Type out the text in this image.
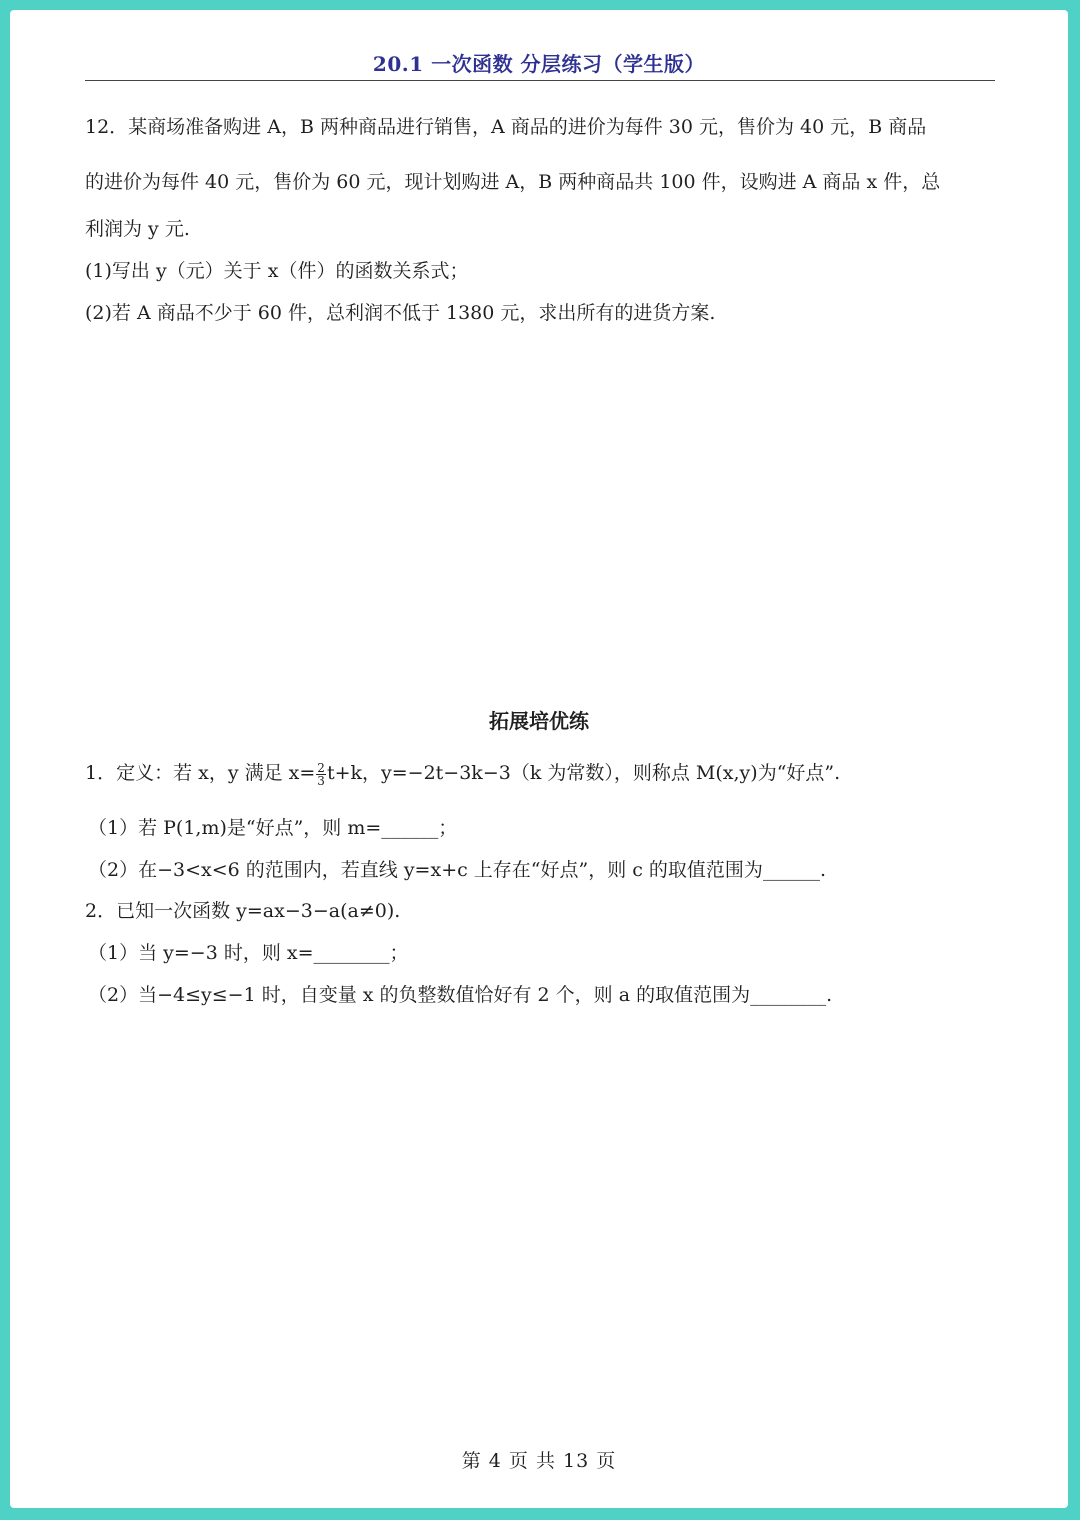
20.1 一次函数 分层练习（学生版）
12．某商场准备购进 A，B 两种商品进行销售，A 商品的进价为每件 30 元，售价为 40 元，B 商品
的进价为每件 40 元，售价为 60 元，现计划购进 A，B 两种商品共 100 件，设购进 A 商品 x 件，总
利润为 y 元.
(1)写出 y（元）关于 x（件）的函数关系式；
(2)若 A 商品不少于 60 件，总利润不低于 1380 元，求出所有的进货方案.
拓展培优练
1．定义：若 x，y 满足 $x= \frac{2}{3} t+k$，y=−2t−3k−3（k 为常数），则称点 M(x,y)为“好点”.
（1）若 P(1,m)是“好点”，则 m=______；
（2）在−3<x<6 的范围内，若直线 y=x+c 上存在“好点”，则 c 的取值范围为______.
2．已知一次函数 y=ax−3−a(a≠0).
（1）当 y=−3 时，则 x=________；
（2）当−4≤y≤−1 时，自变量 x 的负整数值恰好有 2 个，则 a 的取值范围为________.
第 4 页 共 13 页
